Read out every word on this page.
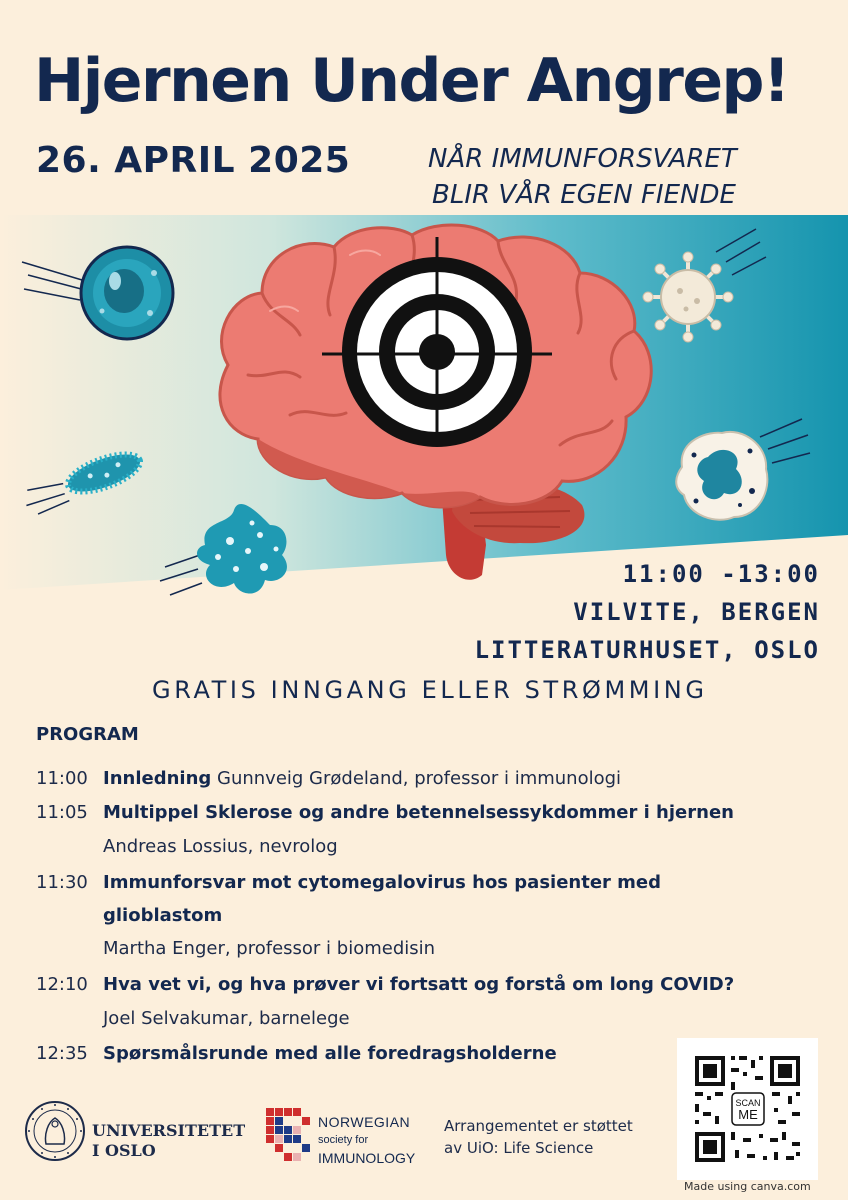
Hjernen Under Angrep!
26. APRIL 2025	NÅR IMMUNFORSVARET
BLIR VÅR EGEN FIENDE
11:00 -13:00
VILVITE, BERGEN
LITTERATURHUSET, OSLO
GRATIS INNGANG ELLER STRØMMING
PROGRAM
11:00 Innledning Gunnveig Grødeland, professor i immunologi
11:05 Multippel Sklerose og andre betennelsessykdommer i hjernen
Andreas Lossius, nevrolog
11:30 Immunforsvar mot cytomegalovirus hos pasienter med
glioblastom
Martha Enger, professor i biomedisin
12:10 Hva vet vi, og hva prøver vi fortsatt og forstå om long COVID?
Joel Selvakumar, barnelege
12:35 Spørsmålsrunde med alle foredragsholderne
UNIVERSITETET
I OSLO
NORWEGIAN
society for
IMMUNOLOGY
Arrangementet er støttet
av UiO: Life Science
SCAN
ME
Made using canva.com
